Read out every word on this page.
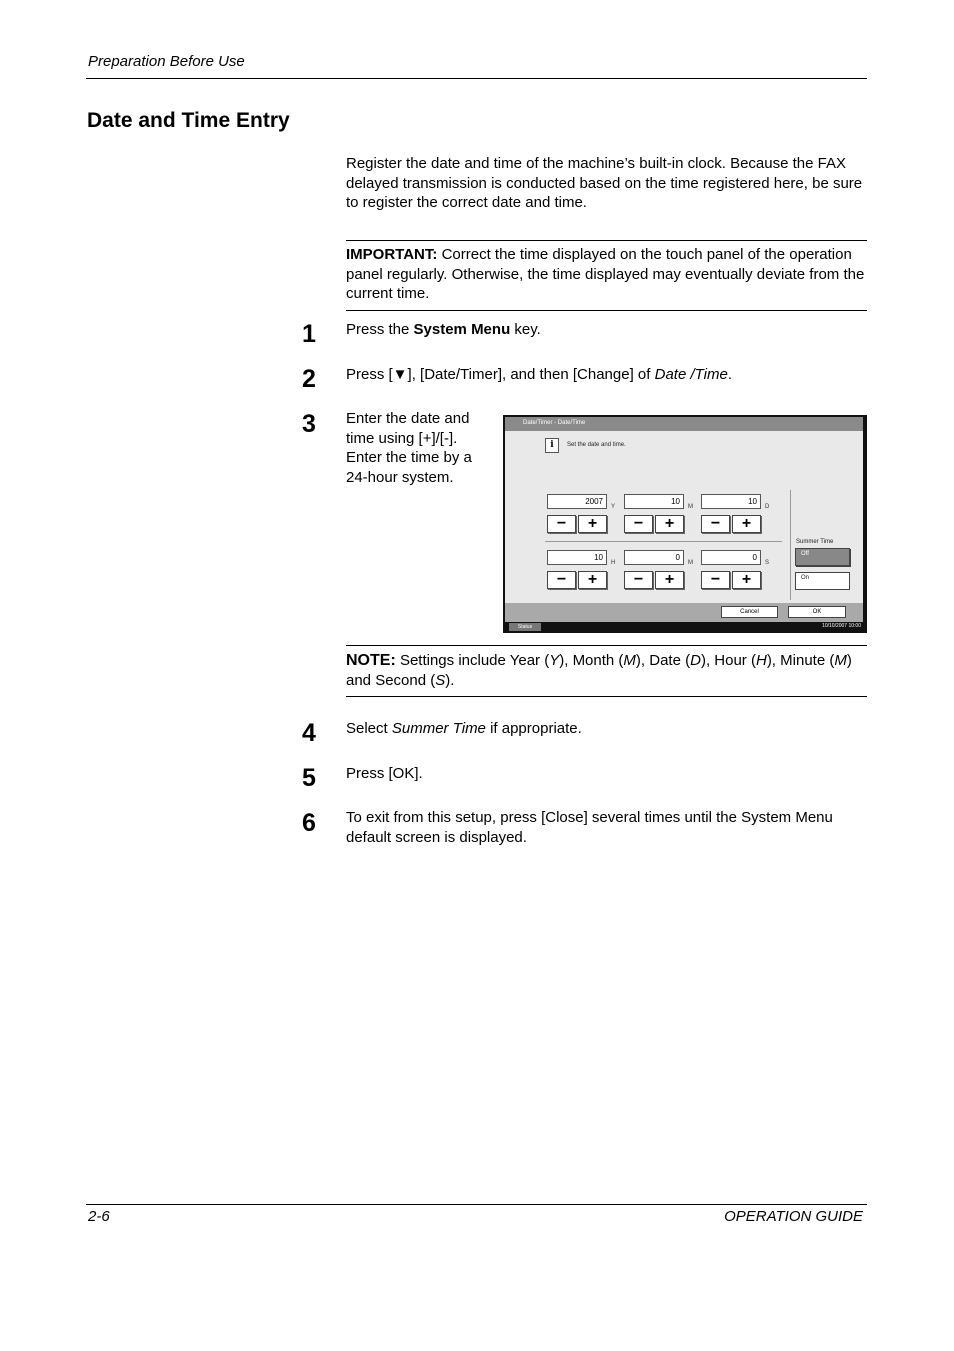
Preparation Before Use
Date and Time Entry
Register the date and time of the machine’s built-in clock. Because the FAX delayed transmission is conducted based on the time registered here, be sure to register the correct date and time.
IMPORTANT: Correct the time displayed on the touch panel of the operation panel regularly. Otherwise, the time displayed may eventually deviate from the current time.
1 Press the System Menu key.
2 Press [▼], [Date/Timer], and then [Change] of Date /Time.
3 Enter the date and time using [+]/[-]. Enter the time by a 24-hour system.
Date/Timer - Date/Time
i	Set the date and time.
2007
Y
−	+
10
M
−	+
10
D
−	+
10
H
−	+
0
M
−	+
0
S
−	+
Summer Time
Off
On
Cancel	OK
Status	10/10/2007 10:00
NOTE: Settings include Year (Y), Month (M), Date (D), Hour (H), Minute (M) and Second (S).
4 Select Summer Time if appropriate.
5 Press [OK].
6 To exit from this setup, press [Close] several times until the System Menu default screen is displayed.
2-6	OPERATION GUIDE
